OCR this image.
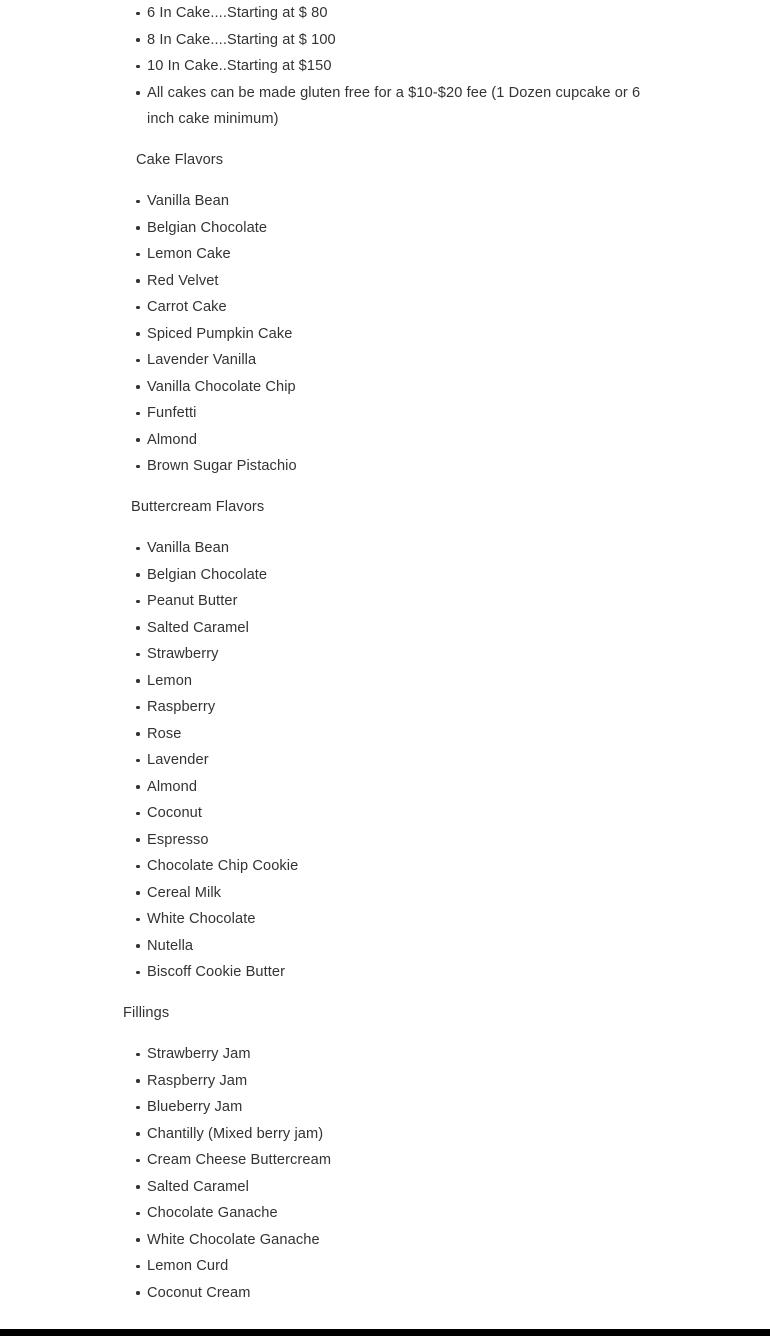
6 In Cake....Starting at $ 80
8 In Cake....Starting at $ 100
10 In Cake..Starting at $150
All cakes can be made gluten free for a $10-$20 fee (1 Dozen cupcake or 6 inch cake minimum)
Cake Flavors
Vanilla Bean
Belgian Chocolate
Lemon Cake
Red Velvet
Carrot Cake
Spiced Pumpkin Cake
Lavender Vanilla
Vanilla Chocolate Chip
Funfetti
Almond
Brown Sugar Pistachio
Buttercream Flavors
Vanilla Bean
Belgian Chocolate
Peanut Butter
Salted Caramel
Strawberry
Lemon
Raspberry
Rose
Lavender
Almond
Coconut
Espresso
Chocolate Chip Cookie
Cereal Milk
White Chocolate
Nutella
Biscoff Cookie Butter
Fillings
Strawberry Jam
Raspberry Jam
Blueberry Jam
Chantilly (Mixed berry jam)
Cream Cheese Buttercream
Salted Caramel
Chocolate Ganache
White Chocolate Ganache
Lemon Curd
Coconut Cream
